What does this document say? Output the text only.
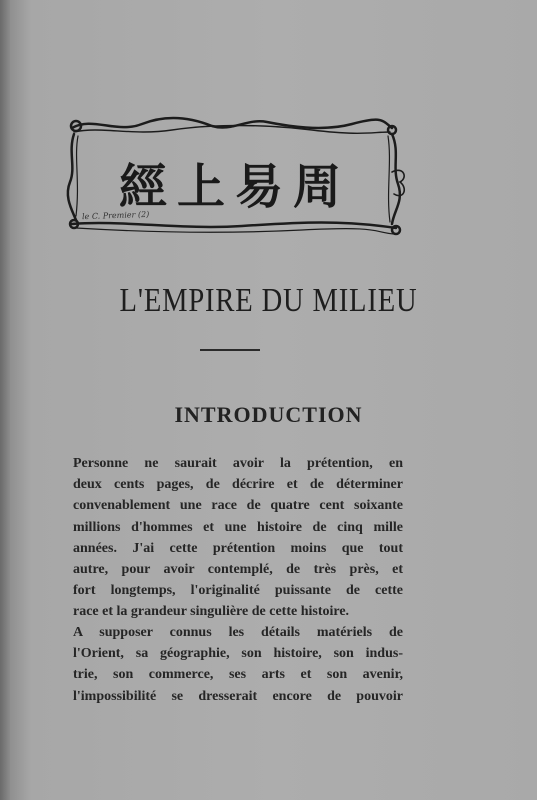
經上易周
le C. Premier (2)
L'EMPIRE DU MILIEU
INTRODUCTION
Personne ne saurait avoir la prétention, en
deux cents pages, de décrire et de déterminer
convenablement une race de quatre cent soixante
millions d'hommes et une histoire de cinq mille
années. J'ai cette prétention moins que tout
autre, pour avoir contemplé, de très près, et
fort longtemps, l'originalité puissante de cette
race et la grandeur singulière de cette histoire.
A supposer connus les détails matériels de
l'Orient, sa géographie, son histoire, son indus-
trie, son commerce, ses arts et son avenir,
l'impossibilité se dresserait encore de pouvoir
